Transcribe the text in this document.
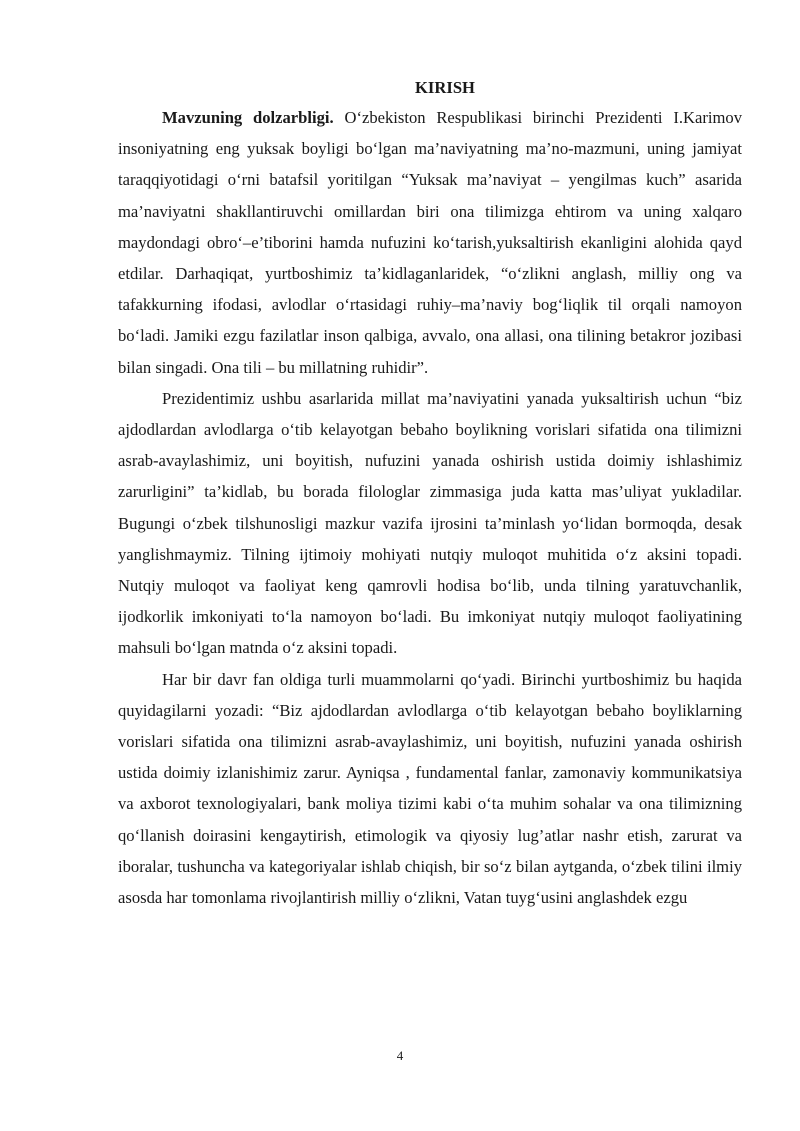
KIRISH

Mavzuning dolzarbligi. O‘zbekiston Respublikasi birinchi Prezidenti I.Karimov insoniyatning eng yuksak boyligi bo‘lgan ma’naviyatning ma’no-mazmuni, uning jamiyat taraqqiyotidagi o‘rni batafsil yoritilgan “Yuksak ma’naviyat – yengilmas kuch” asarida ma’naviyatni shakllantiruvchi omillardan biri ona tilimizga ehtirom va uning xalqaro maydondagi obro‘–e’tiborini hamda nufuzini ko‘tarish,yuksaltirish ekanligini alohida qayd etdilar. Darhaqiqat, yurtboshimiz ta’kidlaganlaridek, “o‘zlikni anglash, milliy ong va tafakkurning ifodasi, avlodlar o‘rtasidagi ruhiy–ma’naviy bog‘liqlik til orqali namoyon bo‘ladi. Jamiki ezgu fazilatlar inson qalbiga, avvalo, ona allasi, ona tilining betakror jozibasi bilan singadi. Ona tili – bu millatning ruhidir”.

Prezidentimiz ushbu asarlarida millat ma’naviyatini yanada yuksaltirish uchun “biz ajdodlardan avlodlarga o‘tib kelayotgan bebaho boylikning vorislari sifatida ona tilimizni asrab-avaylashimiz, uni boyitish, nufuzini yanada oshirish ustida doimiy ishlashimiz zarurligini” ta’kidlab, bu borada filologlar zimmasiga juda katta mas’uliyat yukladilar. Bugungi o‘zbek tilshunosligi mazkur vazifa ijrosini ta’minlash yo‘lidan bormoqda, desak yanglishmaymiz. Tilning ijtimoiy mohiyati nutqiy muloqot muhitida o‘z aksini topadi. Nutqiy muloqot va faoliyat keng qamrovli hodisa bo‘lib, unda tilning yaratuvchanlik, ijodkorlik imkoniyati to‘la namoyon bo‘ladi. Bu imkoniyat nutqiy muloqot faoliyatining mahsuli bo‘lgan matnda o‘z aksini topadi.

Har bir davr fan oldiga turli muammolarni qo‘yadi. Birinchi yurtboshimiz bu haqida quyidagilarni yozadi: “Biz ajdodlardan avlodlarga o‘tib kelayotgan bebaho boyliklarning vorislari sifatida ona tilimizni asrab-avaylashimiz, uni boyitish, nufuzini yanada oshirish ustida doimiy izlanishimiz zarur. Ayniqsa , fundamental fanlar, zamonaviy kommunikatsiya va axborot texnologiyalari, bank moliya tizimi kabi o‘ta muhim sohalar va ona tilimizning qo‘llanish doirasini kengaytirish, etimologik va qiyosiy lug’atlar nashr etish, zarurat va iboralar, tushuncha va kategoriyalar ishlab chiqish, bir so‘z bilan aytganda, o‘zbek tilini ilmiy asosda har tomonlama rivojlantirish milliy o‘zlikni, Vatan tuyg‘usini anglashdek ezgu

4
